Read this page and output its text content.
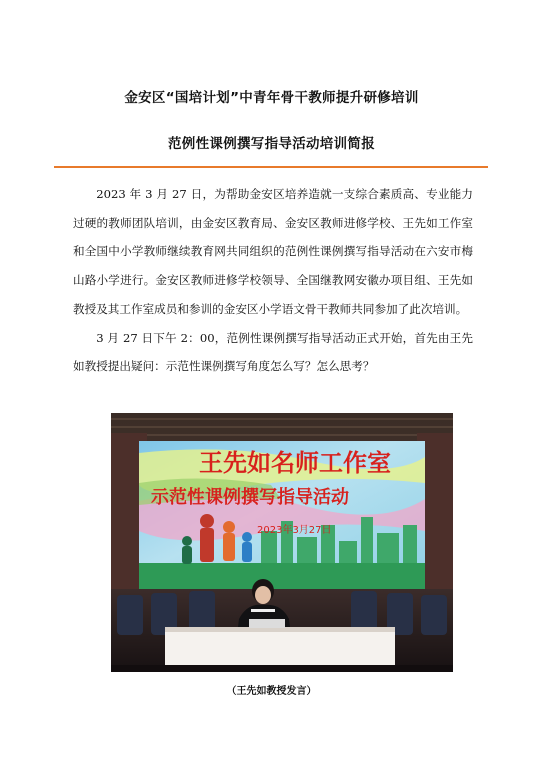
金安区“国培计划”中青年骨干教师提升研修培训
范例性课例撰写指导活动培训简报

2023 年 3 月 27 日，为帮助金安区培养造就一支综合素质高、专业能力过硬的教师团队培训，由金安区教育局、金安区教师进修学校、王先如工作室和全国中小学教师继续教育网共同组织的范例性课例撰写指导活动在六安市梅山路小学进行。金安区教师进修学校领导、全国继教网安徽办项目组、王先如教授及其工作室成员和参训的金安区小学语文骨干教师共同参加了此次培训。

3 月 27 日下午 2：00，范例性课例撰写指导活动正式开始，首先由王先如教授提出疑问：示范性课例撰写角度怎么写？怎么思考？

王先如名师工作室
示范性课例撰写指导活动
2023年3月27日
（王先如教授发言）
